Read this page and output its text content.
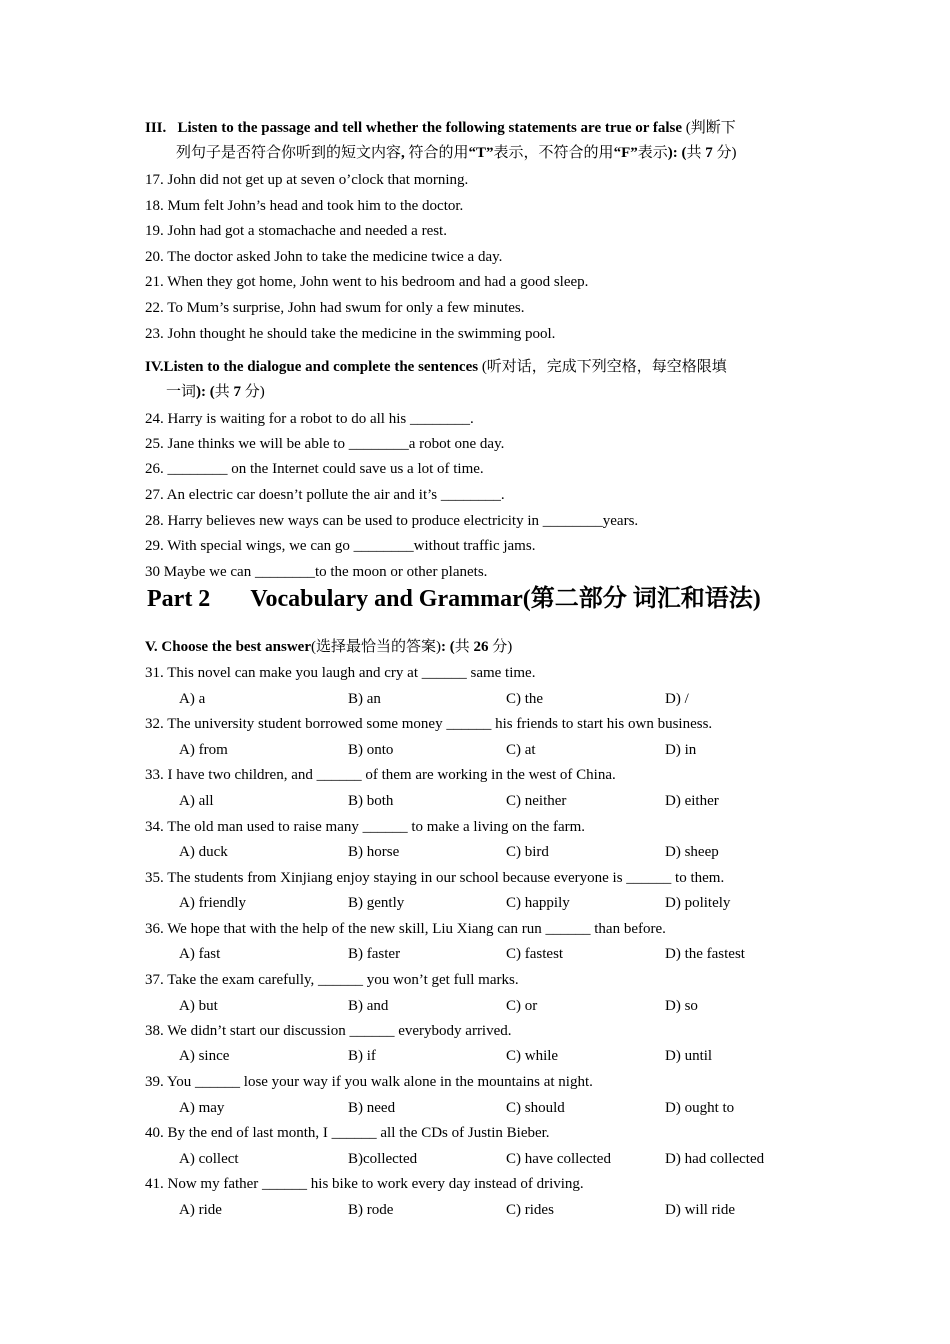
III. Listen to the passage and tell whether the following statements are true or false (判断下
列句子是否符合你听到的短文内容, 符合的用“T”表示，不符合的用“F”表示): (共 7 分)
17. John did not get up at seven o’clock that morning.
18. Mum felt John’s head and took him to the doctor.
19. John had got a stomachache and needed a rest.
20. The doctor asked John to take the medicine twice a day.
21. When they got home, John went to his bedroom and had a good sleep.
22. To Mum’s surprise, John had swum for only a few minutes.
23. John thought he should take the medicine in the swimming pool.
IV.Listen to the dialogue and complete the sentences (听对话，完成下列空格，每空格限填
一词): (共 7 分)
24. Harry is waiting for a robot to do all his ________.
25. Jane thinks we will be able to ________a robot one day.
26. ________ on the Internet could save us a lot of time.
27. An electric car doesn’t pollute the air and it’s ________.
28. Harry believes new ways can be used to produce electricity in ________years.
29. With special wings, we can go ________without traffic jams.
30 Maybe we can ________to the moon or other planets.
Part 2 Vocabulary and Grammar(第二部分 词汇和语法)
V. Choose the best answer(选择最恰当的答案): (共 26 分)
31. This novel can make you laugh and cry at ______ same time.
A) a	B) an	C) the	D) /
32. The university student borrowed some money ______ his friends to start his own business.
A) from	B) onto	C) at	D) in
33. I have two children, and ______ of them are working in the west of China.
A) all	B) both	C) neither	D) either
34. The old man used to raise many ______ to make a living on the farm.
A) duck	B) horse	C) bird	D) sheep
35. The students from Xinjiang enjoy staying in our school because everyone is ______ to them.
A) friendly	B) gently	C) happily	D) politely
36. We hope that with the help of the new skill, Liu Xiang can run ______ than before.
A) fast	B) faster	C) fastest	D) the fastest
37. Take the exam carefully, ______ you won’t get full marks.
A) but	B) and	C) or	D) so
38. We didn’t start our discussion ______ everybody arrived.
A) since	B) if	C) while	D) until
39. You ______ lose your way if you walk alone in the mountains at night.
A) may	B) need	C) should	D) ought to
40. By the end of last month, I ______ all the CDs of Justin Bieber.
A) collect	B)collected	C) have collected	D) had collected
41. Now my father ______ his bike to work every day instead of driving.
A) ride	B) rode	C) rides	D) will ride
